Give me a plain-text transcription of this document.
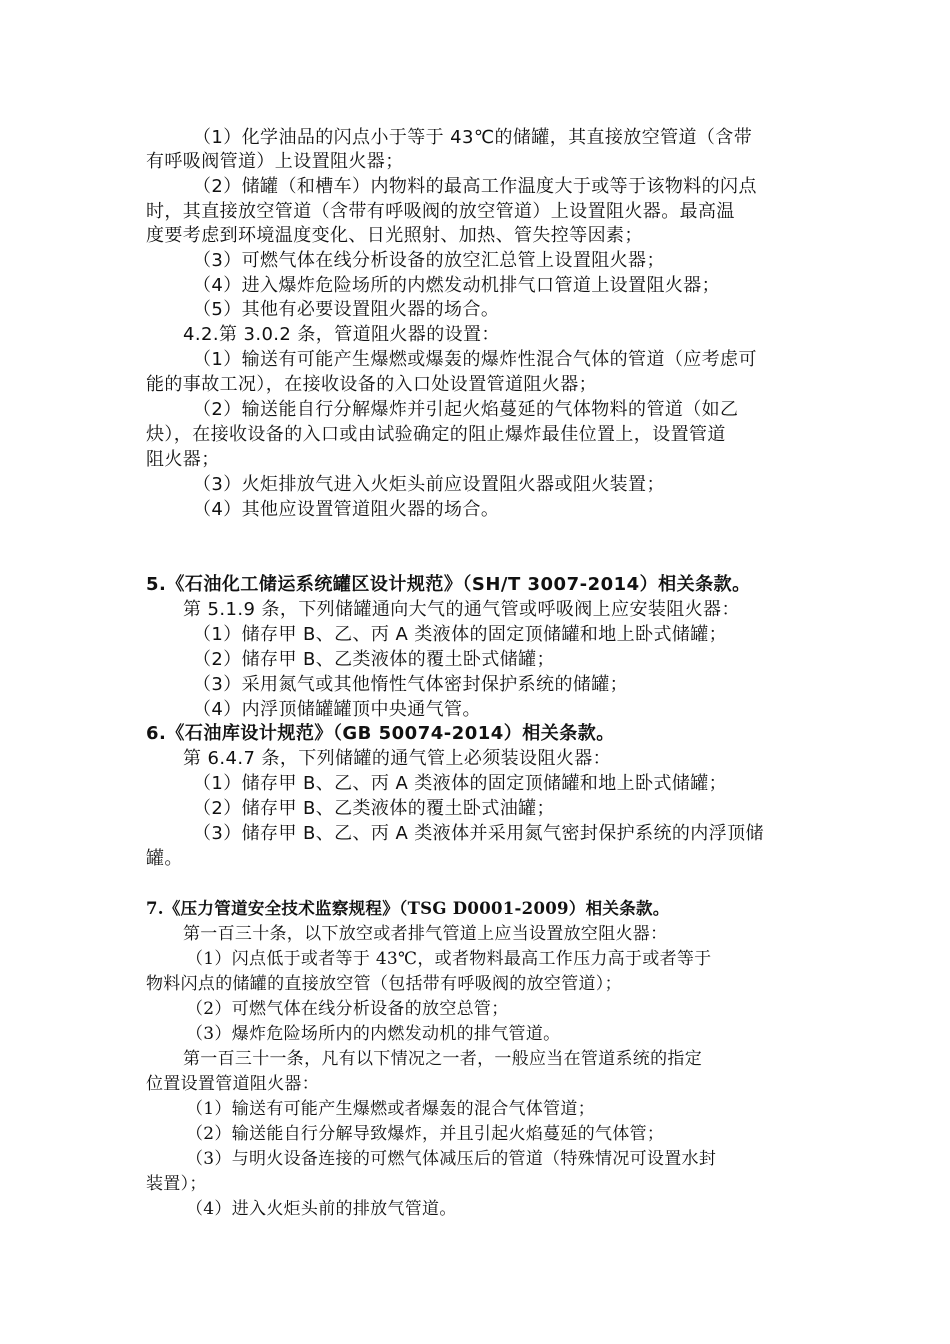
（1）化学油品的闪点小于等于 43℃的储罐，其直接放空管道（含带
有呼吸阀管道）上设置阻火器；
（2）储罐（和槽车）内物料的最高工作温度大于或等于该物料的闪点
时，其直接放空管道（含带有呼吸阀的放空管道）上设置阻火器。最高温
度要考虑到环境温度变化、日光照射、加热、管失控等因素；
（3）可燃气体在线分析设备的放空汇总管上设置阻火器；
（4）进入爆炸危险场所的内燃发动机排气口管道上设置阻火器；
（5）其他有必要设置阻火器的场合。
4.2.第 3.0.2 条，管道阻火器的设置：
（1）输送有可能产生爆燃或爆轰的爆炸性混合气体的管道（应考虑可
能的事故工况），在接收设备的入口处设置管道阻火器；
（2）输送能自行分解爆炸并引起火焰蔓延的气体物料的管道（如乙
炔），在接收设备的入口或由试验确定的阻止爆炸最佳位置上，设置管道
阻火器；
（3）火炬排放气进入火炬头前应设置阻火器或阻火装置；
（4）其他应设置管道阻火器的场合。
5.《石油化工储运系统罐区设计规范》（SH/T 3007-2014）相关条款。
第 5.1.9 条，下列储罐通向大气的通气管或呼吸阀上应安装阻火器：
（1）储存甲 B、乙、丙 A 类液体的固定顶储罐和地上卧式储罐；
（2）储存甲 B、乙类液体的覆土卧式储罐；
（3）采用氮气或其他惰性气体密封保护系统的储罐；
（4）内浮顶储罐罐顶中央通气管。
6.《石油库设计规范》（GB 50074-2014）相关条款。
第 6.4.7 条，下列储罐的通气管上必须装设阻火器：
（1）储存甲 B、乙、丙 A 类液体的固定顶储罐和地上卧式储罐；
（2）储存甲 B、乙类液体的覆土卧式油罐；
（3）储存甲 B、乙、丙 A 类液体并采用氮气密封保护系统的内浮顶储
罐。
7.《压力管道安全技术监察规程》（TSG D0001-2009）相关条款。
第一百三十条，以下放空或者排气管道上应当设置放空阻火器：
（1）闪点低于或者等于 43℃，或者物料最高工作压力高于或者等于
物料闪点的储罐的直接放空管（包括带有呼吸阀的放空管道）；
（2）可燃气体在线分析设备的放空总管；
（3）爆炸危险场所内的内燃发动机的排气管道。
第一百三十一条，凡有以下情况之一者，一般应当在管道系统的指定
位置设置管道阻火器：
（1）输送有可能产生爆燃或者爆轰的混合气体管道；
（2）输送能自行分解导致爆炸，并且引起火焰蔓延的气体管；
（3）与明火设备连接的可燃气体减压后的管道（特殊情况可设置水封
装置）；
（4）进入火炬头前的排放气管道。
